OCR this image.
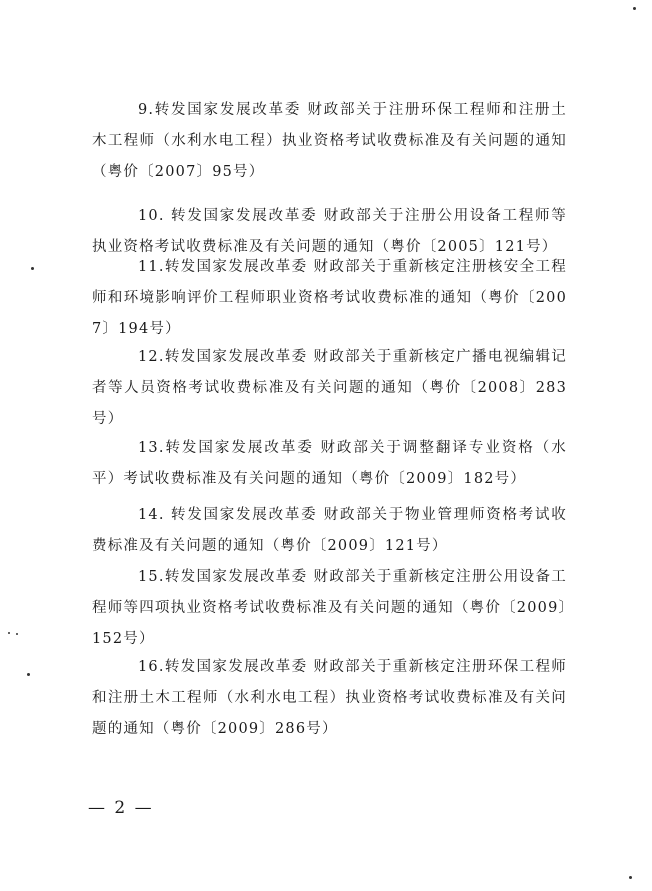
9.转发国家发展改革委 财政部关于注册环保工程师和注册土木工程师（水利水电工程）执业资格考试收费标准及有关问题的通知（粤价〔2007〕95号）
10. 转发国家发展改革委 财政部关于注册公用设备工程师等执业资格考试收费标准及有关问题的通知（粤价〔2005〕121号）
11.转发国家发展改革委 财政部关于重新核定注册核安全工程师和环境影响评价工程师职业资格考试收费标准的通知（粤价〔2007〕194号）
12.转发国家发展改革委 财政部关于重新核定广播电视编辑记者等人员资格考试收费标准及有关问题的通知（粤价〔2008〕283号）
13.转发国家发展改革委 财政部关于调整翻译专业资格（水平）考试收费标准及有关问题的通知（粤价〔2009〕182号）
14. 转发国家发展改革委 财政部关于物业管理师资格考试收费标准及有关问题的通知（粤价〔2009〕121号）
15.转发国家发展改革委 财政部关于重新核定注册公用设备工程师等四项执业资格考试收费标准及有关问题的通知（粤价〔2009〕152号）
16.转发国家发展改革委 财政部关于重新核定注册环保工程师和注册土木工程师（水利水电工程）执业资格考试收费标准及有关问题的通知（粤价〔2009〕286号）
— 2 —
